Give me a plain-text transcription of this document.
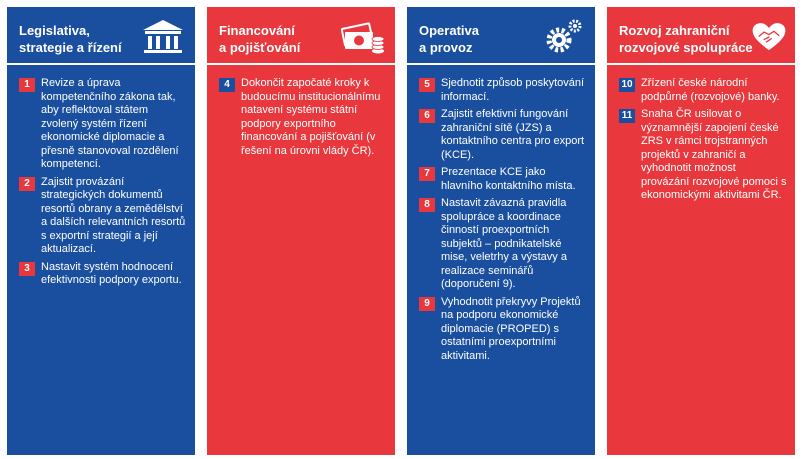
Legislativa,
strategie a řízení
1	Revize a úprava kompetenčního zákona tak, aby reflektoval státem zvolený systém řízení ekonomické diplomacie a přesně stanovoval rozdělení kompetencí.
2	Zajistit provázání strategických dokumentů resortů obrany a zemědělství a dalších relevantních resortů s exportní strategií a její aktualizací.
3	Nastavit systém hodnocení efektivnosti podpory exportu.
Financování
a pojišťování
4	Dokončit započaté kroky k budoucímu institucionálnímu natavení systému státní podpory exportního financování a pojišťování (v řešení na úrovni vlády ČR).
Operativa
a provoz
5	Sjednotit způsob poskytování informací.
6	Zajistit efektivní fungování zahraniční sítě (JZS) a kontaktního centra pro export (KCE).
7	Prezentace KCE jako hlavního kontaktního místa.
8	Nastavit závazná pravidla spolupráce a koordinace činností proexportních subjektů – podnikatelské mise, veletrhy a výstavy a realizace seminářů (doporučení 9).
9	Vyhodnotit překryvy Projektů na podporu ekonomické diplomacie (PROPED) s ostatními proexportními aktivitami.
Rozvoj zahraniční
rozvojové spolupráce
10 Zřízení české národní podpůrné (rozvojové) banky.
11 Snaha ČR usilovat o významnější zapojení české ZRS v rámci trojstranných projektů v zahraničí a vyhodnotit možnost provázání rozvojové pomoci s ekonomickými aktivitami ČR.
